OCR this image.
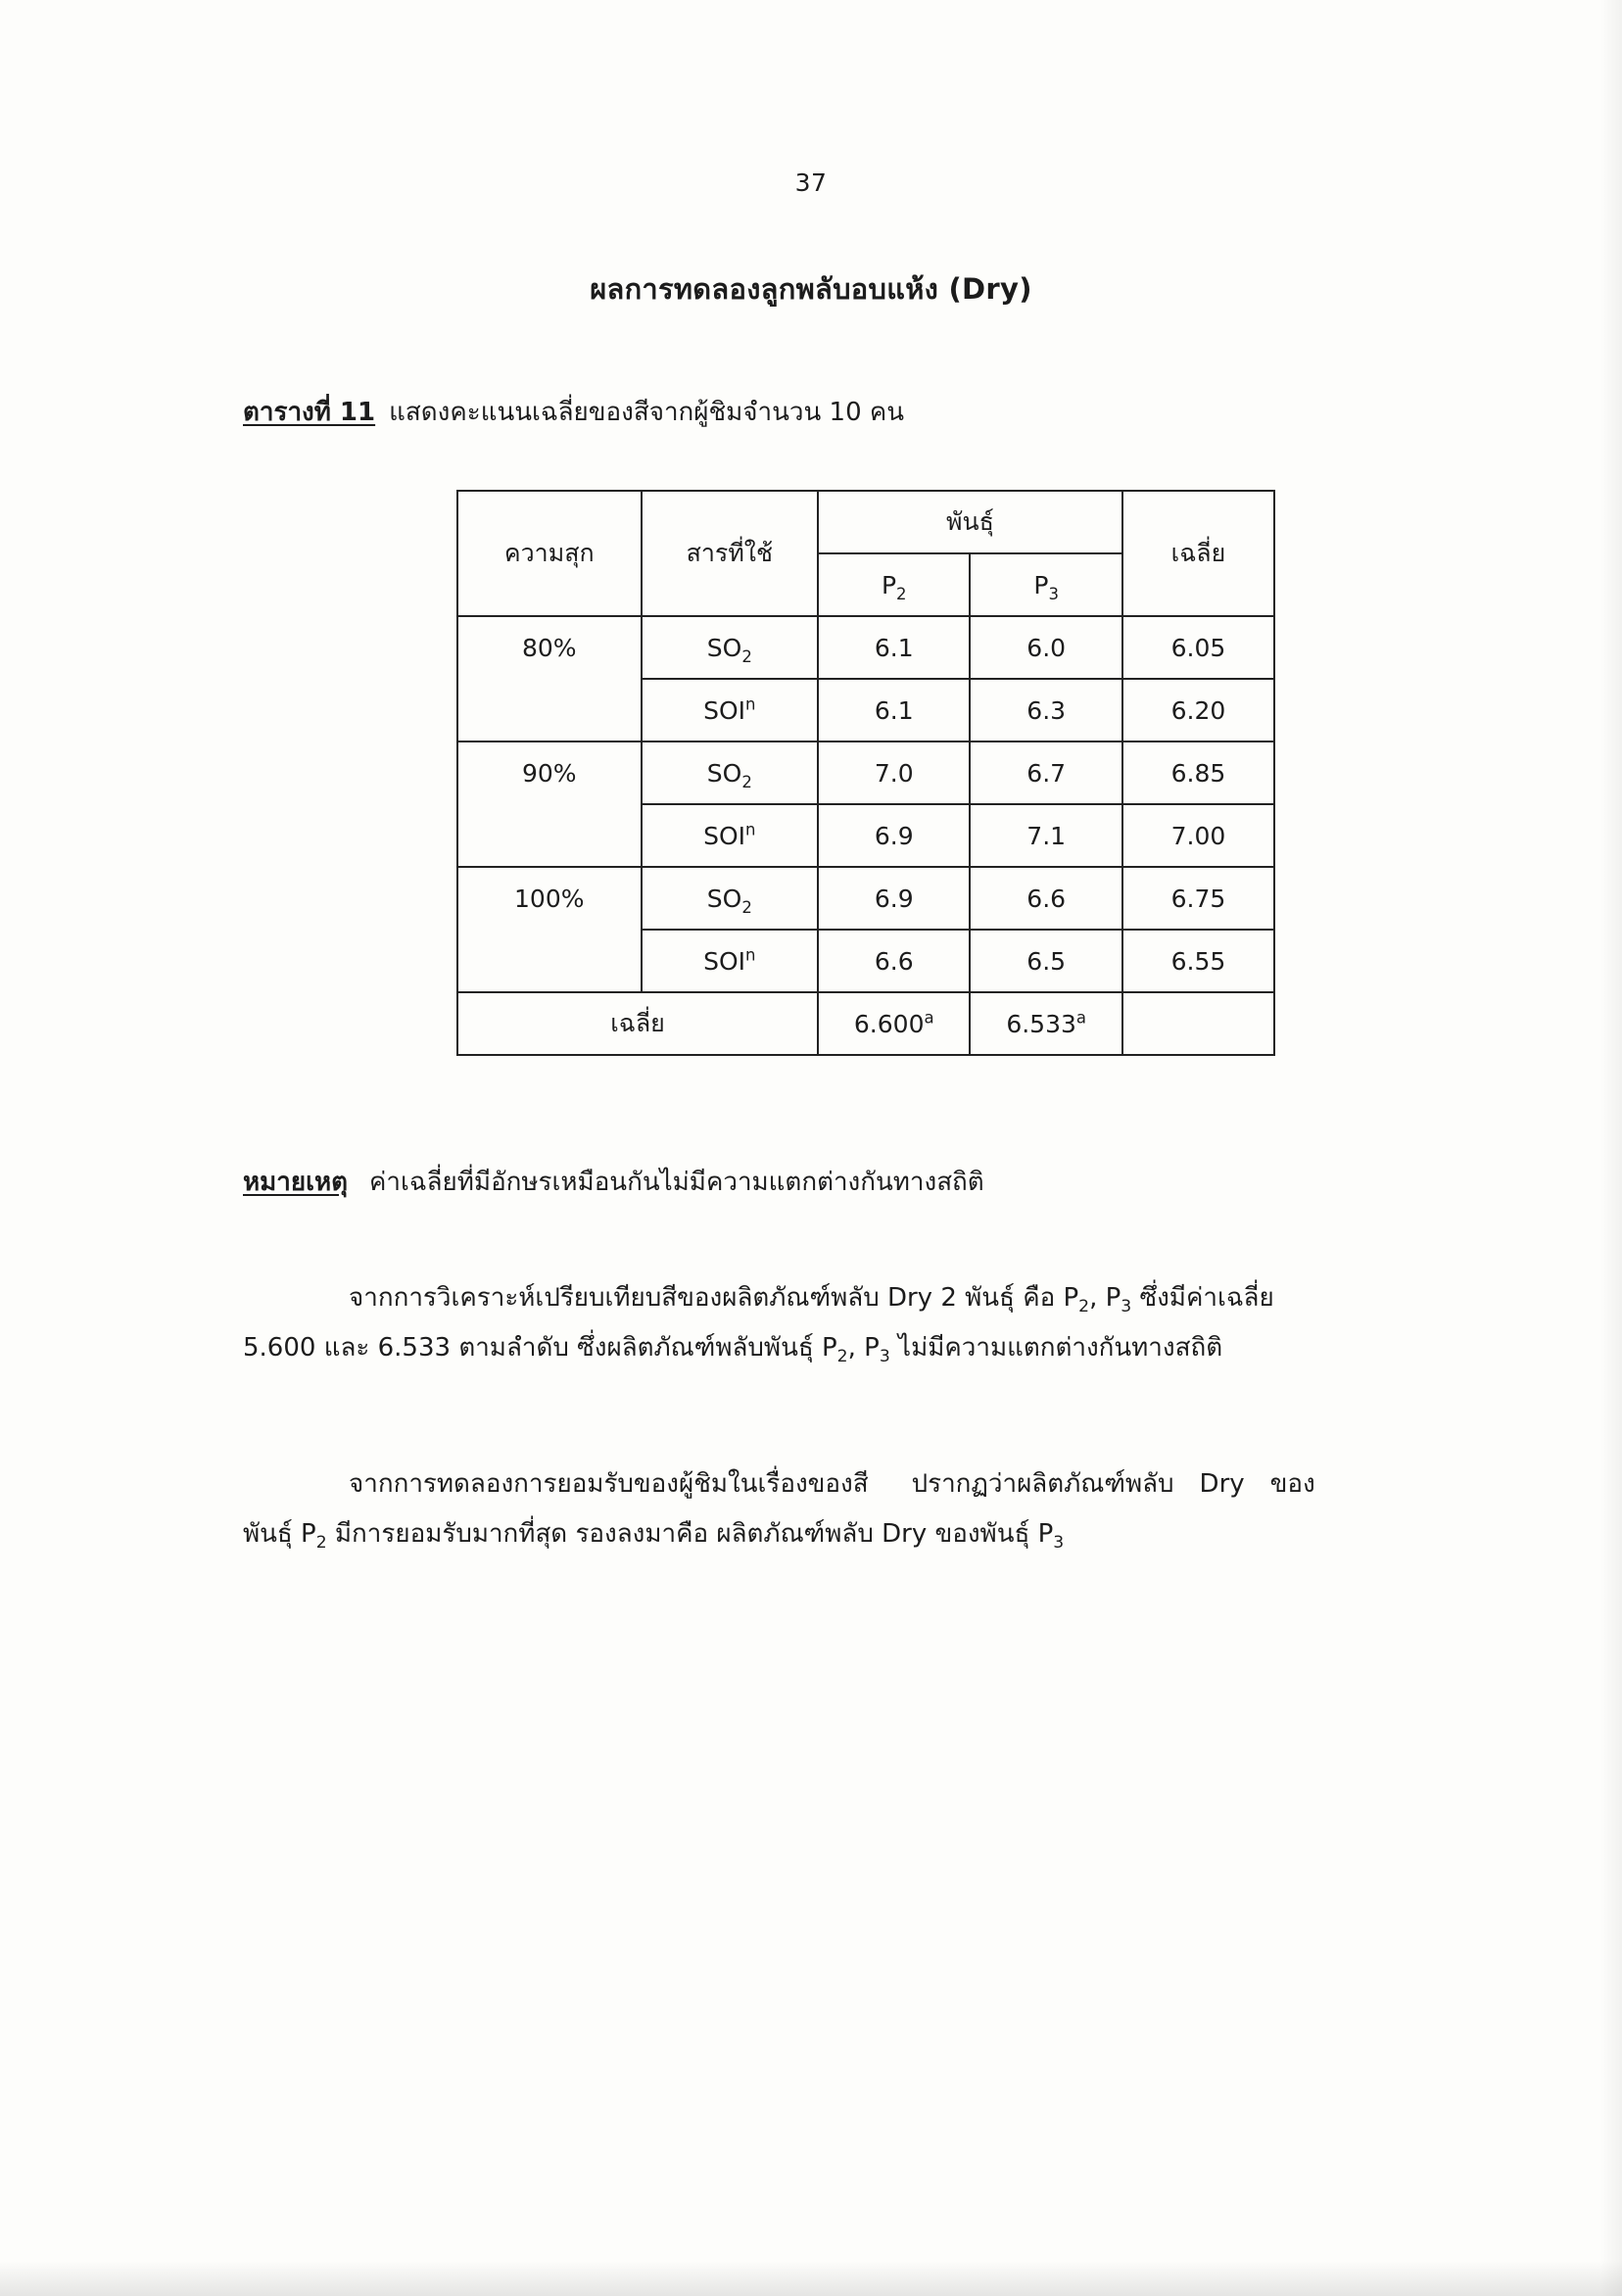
37
ผลการทดลองลูกพลับอบแห้ง (Dry)
ตารางที่ 11 แสดงคะแนนเฉลี่ยของสีจากผู้ชิมจำนวน 10 คน
ความสุก	สารที่ใช้	พันธุ์		เฉลี่ย
		$P_2$	$P_3$
80%	$SO_2$	6.1	6.0	6.05
	SOI$^n$	6.1	6.3	6.20
90%	$SO_2$	7.0	6.7	6.85
	SOI$^n$	6.9	7.1	7.00
100%	$SO_2$	6.9	6.6	6.75
	SOI$^n$	6.6	6.5	6.55
เฉลี่ย		6.600$^a$	6.533$^a$	
หมายเหตุ ค่าเฉลี่ยที่มีอักษรเหมือนกันไม่มีความแตกต่างกันทางสถิติ
จากการวิเคราะห์เปรียบเทียบสีของผลิตภัณฑ์พลับ Dry 2 พันธุ์ คือ $P_2$, $P_3$ ซึ่งมีค่าเฉลี่ย
5.600 และ 6.533 ตามลำดับ ซึ่งผลิตภัณฑ์พลับพันธุ์ $P_2$, $P_3$ ไม่มีความแตกต่างกันทางสถิติ
จากการทดลองการยอมรับของผู้ชิมในเรื่องของสี ปรากฏว่าผลิตภัณฑ์พลับ Dry ของ
พันธุ์ $P_2$ มีการยอมรับมากที่สุด รองลงมาคือ ผลิตภัณฑ์พลับ Dry ของพันธุ์ $P_3$
